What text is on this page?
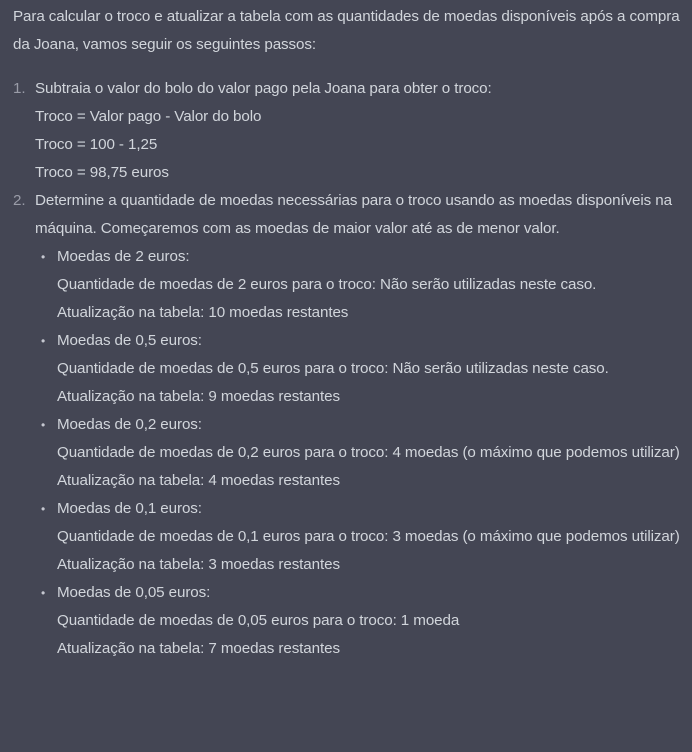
Para calcular o troco e atualizar a tabela com as quantidades de moedas disponíveis após a compra da Joana, vamos seguir os seguintes passos:

1. Subtraia o valor do bolo do valor pago pela Joana para obter o troco:
Troco = Valor pago - Valor do bolo
Troco = 100 - 1,25
Troco = 98,75 euros
2. Determine a quantidade de moedas necessárias para o troco usando as moedas disponíveis na máquina. Começaremos com as moedas de maior valor até as de menor valor.
• Moedas de 2 euros:
Quantidade de moedas de 2 euros para o troco: Não serão utilizadas neste caso.
Atualização na tabela: 10 moedas restantes
• Moedas de 0,5 euros:
Quantidade de moedas de 0,5 euros para o troco: Não serão utilizadas neste caso.
Atualização na tabela: 9 moedas restantes
• Moedas de 0,2 euros:
Quantidade de moedas de 0,2 euros para o troco: 4 moedas (o máximo que podemos utilizar)
Atualização na tabela: 4 moedas restantes
• Moedas de 0,1 euros:
Quantidade de moedas de 0,1 euros para o troco: 3 moedas (o máximo que podemos utilizar)
Atualização na tabela: 3 moedas restantes
• Moedas de 0,05 euros:
Quantidade de moedas de 0,05 euros para o troco: 1 moeda
Atualização na tabela: 7 moedas restantes
